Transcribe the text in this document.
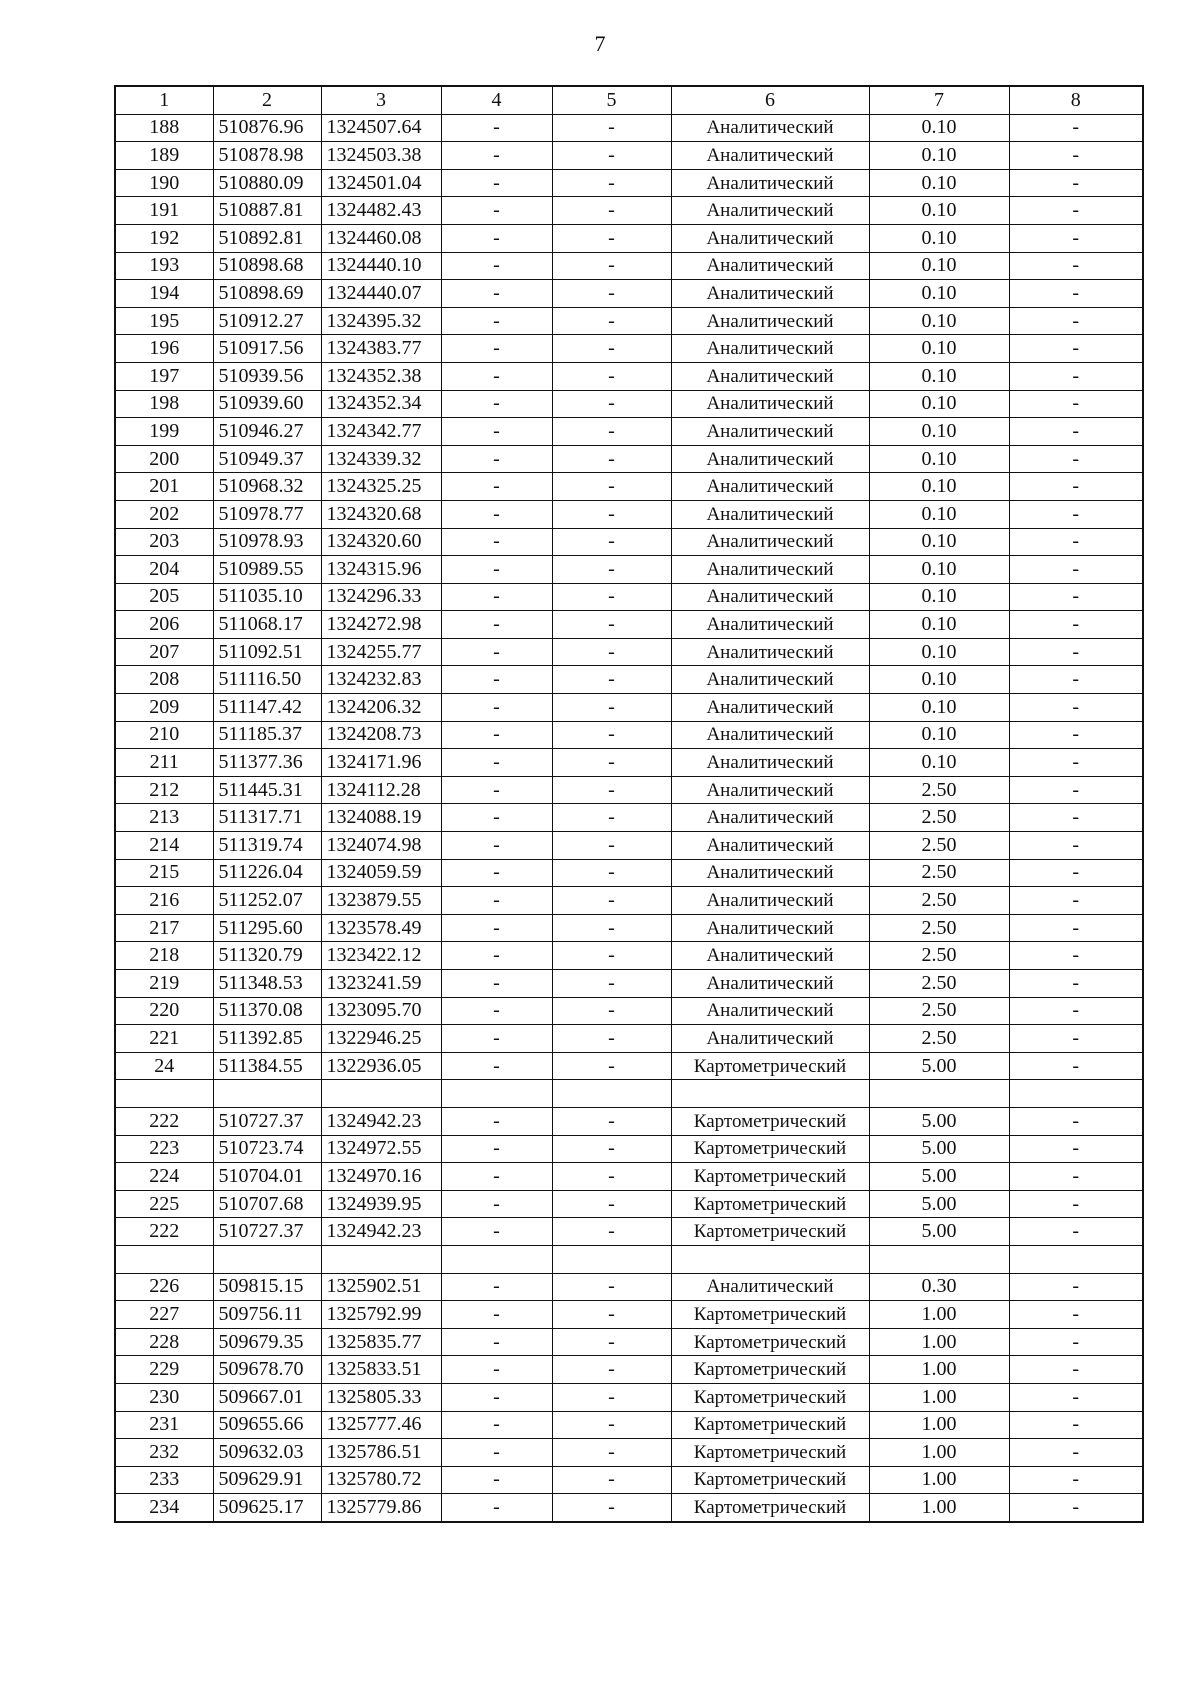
7
1	2	3	4	5	6	7	8
188	510876.96	1324507.64	-	-	Аналитический	0.10	-
189	510878.98	1324503.38	-	-	Аналитический	0.10	-
190	510880.09	1324501.04	-	-	Аналитический	0.10	-
191	510887.81	1324482.43	-	-	Аналитический	0.10	-
192	510892.81	1324460.08	-	-	Аналитический	0.10	-
193	510898.68	1324440.10	-	-	Аналитический	0.10	-
194	510898.69	1324440.07	-	-	Аналитический	0.10	-
195	510912.27	1324395.32	-	-	Аналитический	0.10	-
196	510917.56	1324383.77	-	-	Аналитический	0.10	-
197	510939.56	1324352.38	-	-	Аналитический	0.10	-
198	510939.60	1324352.34	-	-	Аналитический	0.10	-
199	510946.27	1324342.77	-	-	Аналитический	0.10	-
200	510949.37	1324339.32	-	-	Аналитический	0.10	-
201	510968.32	1324325.25	-	-	Аналитический	0.10	-
202	510978.77	1324320.68	-	-	Аналитический	0.10	-
203	510978.93	1324320.60	-	-	Аналитический	0.10	-
204	510989.55	1324315.96	-	-	Аналитический	0.10	-
205	511035.10	1324296.33	-	-	Аналитический	0.10	-
206	511068.17	1324272.98	-	-	Аналитический	0.10	-
207	511092.51	1324255.77	-	-	Аналитический	0.10	-
208	511116.50	1324232.83	-	-	Аналитический	0.10	-
209	511147.42	1324206.32	-	-	Аналитический	0.10	-
210	511185.37	1324208.73	-	-	Аналитический	0.10	-
211	511377.36	1324171.96	-	-	Аналитический	0.10	-
212	511445.31	1324112.28	-	-	Аналитический	2.50	-
213	511317.71	1324088.19	-	-	Аналитический	2.50	-
214	511319.74	1324074.98	-	-	Аналитический	2.50	-
215	511226.04	1324059.59	-	-	Аналитический	2.50	-
216	511252.07	1323879.55	-	-	Аналитический	2.50	-
217	511295.60	1323578.49	-	-	Аналитический	2.50	-
218	511320.79	1323422.12	-	-	Аналитический	2.50	-
219	511348.53	1323241.59	-	-	Аналитический	2.50	-
220	511370.08	1323095.70	-	-	Аналитический	2.50	-
221	511392.85	1322946.25	-	-	Аналитический	2.50	-
24	511384.55	1322936.05	-	-	Картометрический	5.00	-

222	510727.37	1324942.23	-	-	Картометрический	5.00	-
223	510723.74	1324972.55	-	-	Картометрический	5.00	-
224	510704.01	1324970.16	-	-	Картометрический	5.00	-
225	510707.68	1324939.95	-	-	Картометрический	5.00	-
222	510727.37	1324942.23	-	-	Картометрический	5.00	-

226	509815.15	1325902.51	-	-	Аналитический	0.30	-
227	509756.11	1325792.99	-	-	Картометрический	1.00	-
228	509679.35	1325835.77	-	-	Картометрический	1.00	-
229	509678.70	1325833.51	-	-	Картометрический	1.00	-
230	509667.01	1325805.33	-	-	Картометрический	1.00	-
231	509655.66	1325777.46	-	-	Картометрический	1.00	-
232	509632.03	1325786.51	-	-	Картометрический	1.00	-
233	509629.91	1325780.72	-	-	Картометрический	1.00	-
234	509625.17	1325779.86	-	-	Картометрический	1.00	-
